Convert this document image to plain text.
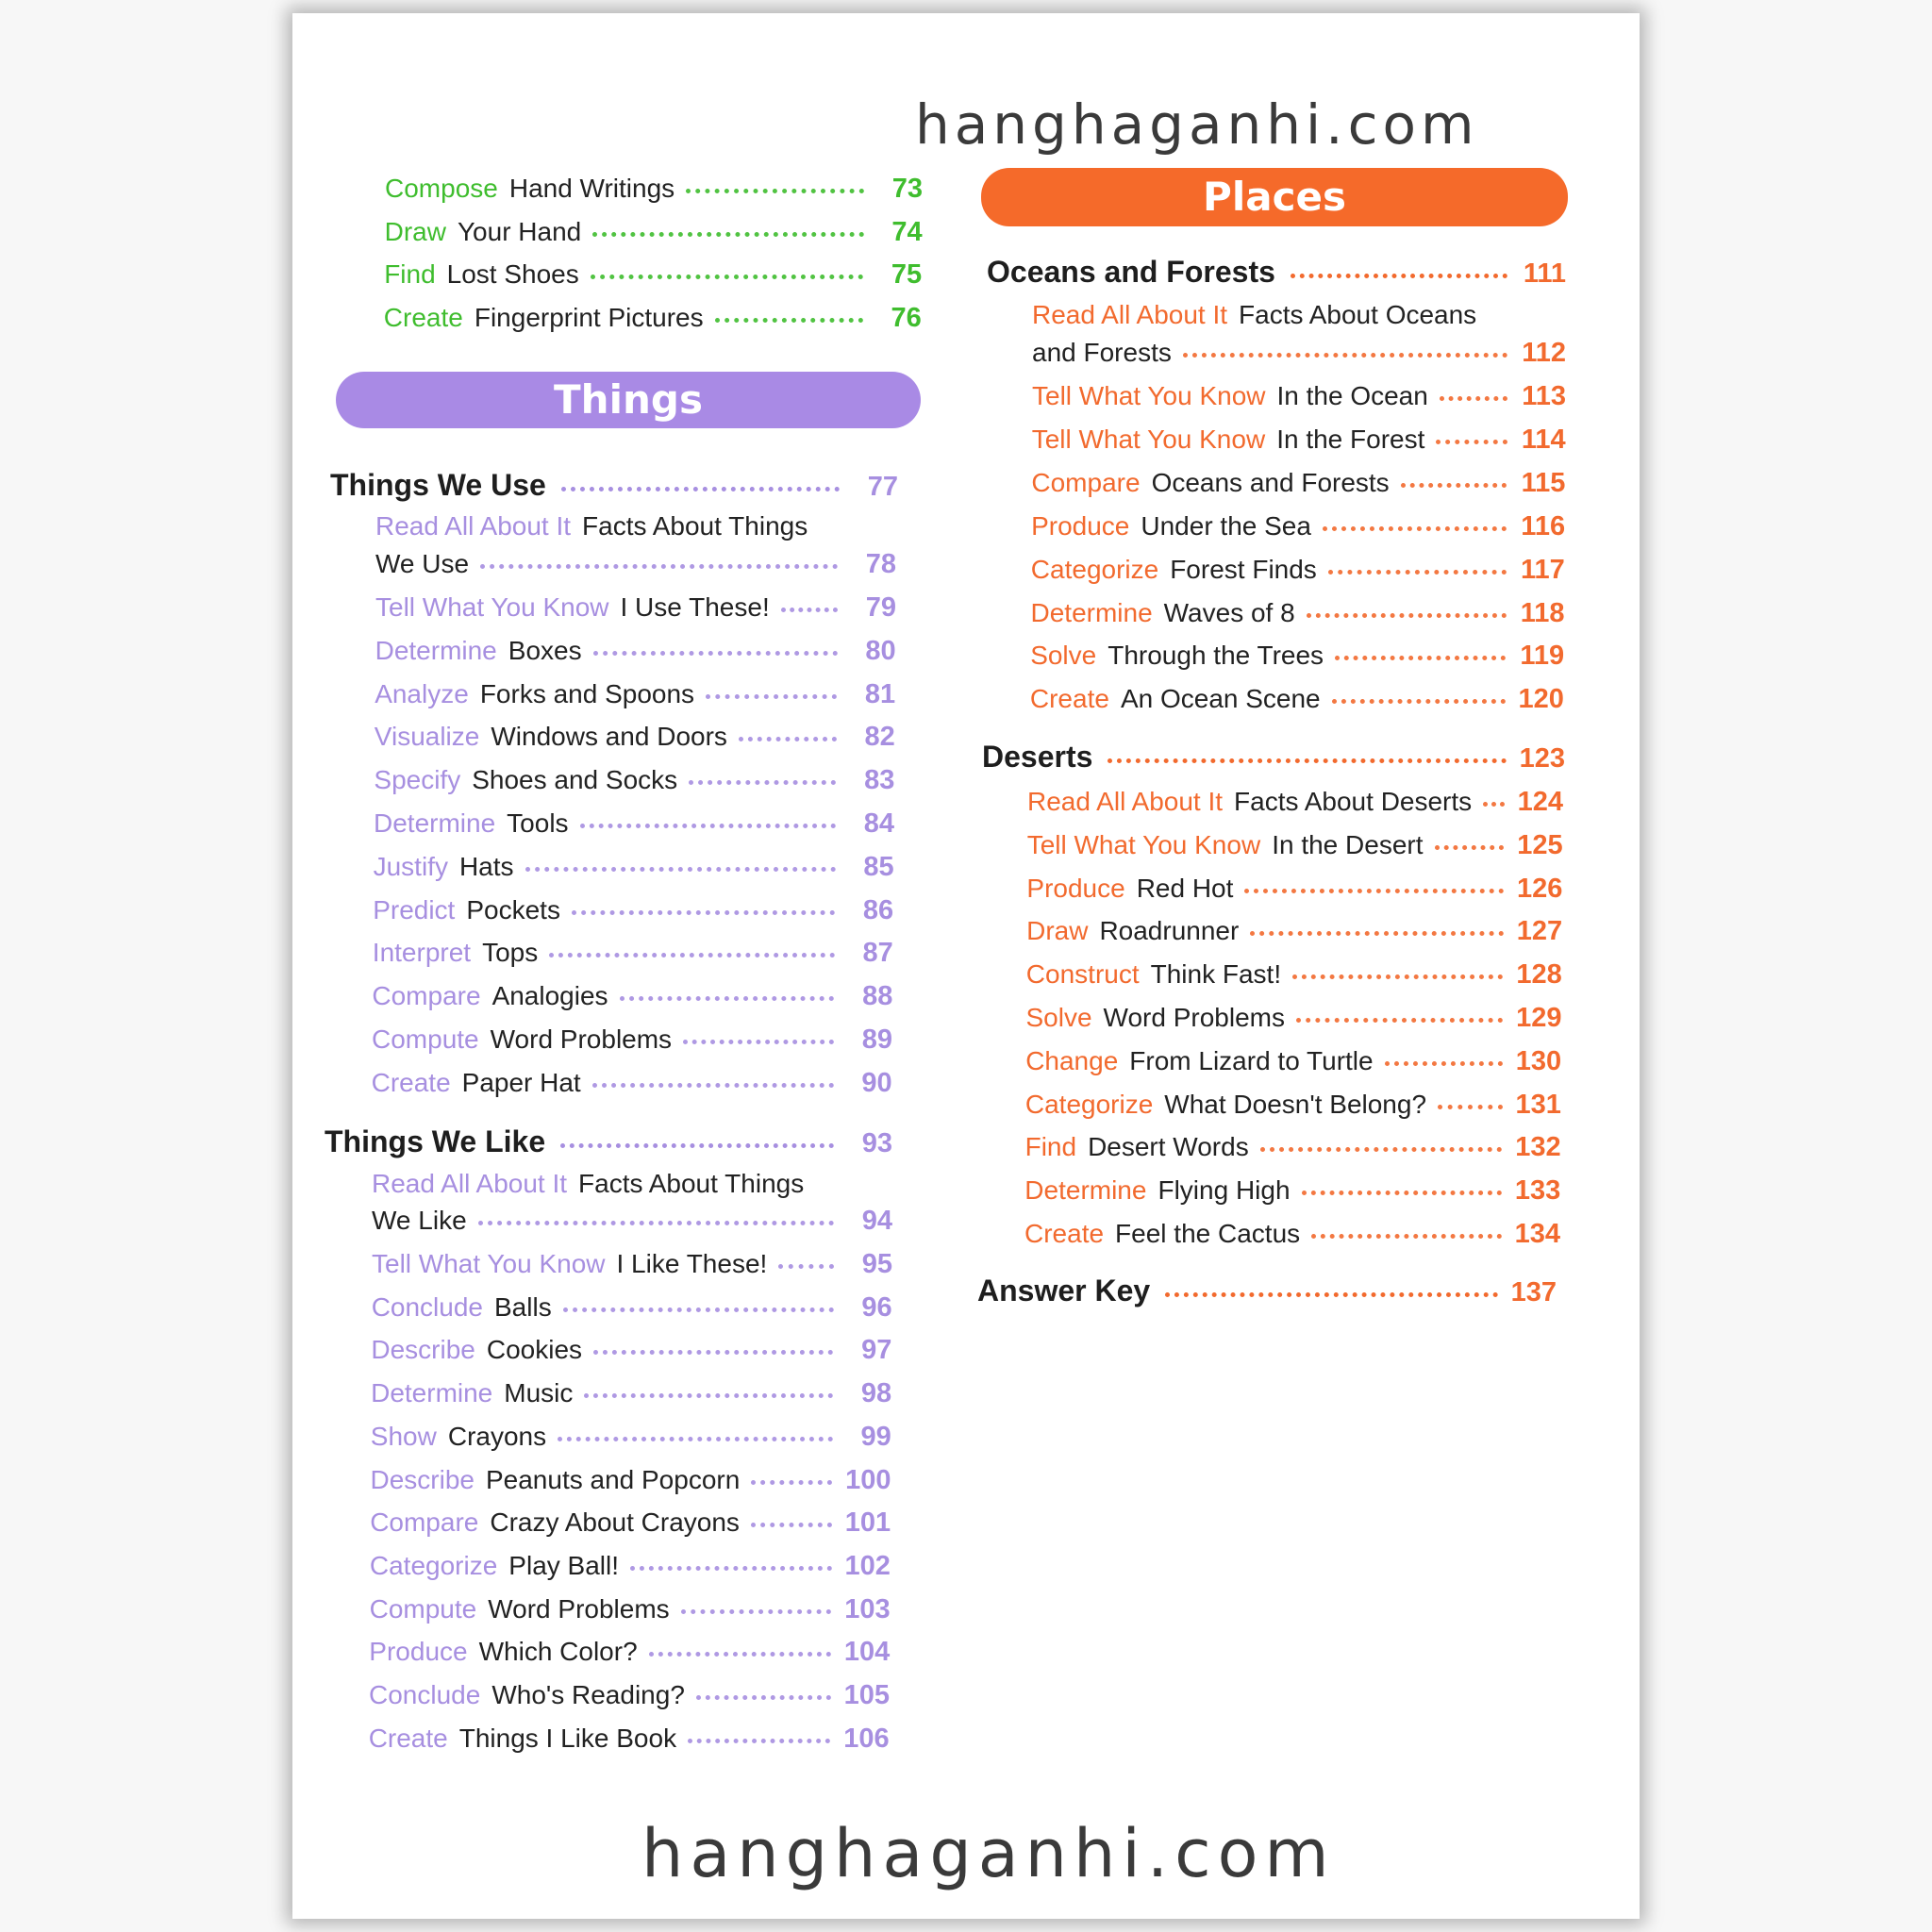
hanghaganhi.com
Compose Hand Writings	73
Draw Your Hand	74
Find Lost Shoes	75
Create Fingerprint Pictures	76
Things We Use	77
Read All About It Facts About Things
We Use	78
Tell What You Know I Use These!	79
Determine Boxes	80
Analyze Forks and Spoons	81
Visualize Windows and Doors	82
Specify Shoes and Socks	83
Determine Tools	84
Justify Hats	85
Predict Pockets	86
Interpret Tops	87
Compare Analogies	88
Compute Word Problems	89
Create Paper Hat	90
Things We Like	93
Read All About It Facts About Things
We Like	94
Tell What You Know I Like These!	95
Conclude Balls	96
Describe Cookies	97
Determine Music	98
Show Crayons	99
Describe Peanuts and Popcorn	100
Compare Crazy About Crayons	101
Categorize Play Ball!	102
Compute Word Problems	103
Produce Which Color?	104
Conclude Who's Reading?	105
Create Things I Like Book	106
Things
Places
Oceans and Forests	111
Read All About It Facts About Oceans
and Forests	112
Tell What You Know In the Ocean	113
Tell What You Know In the Forest	114
Compare Oceans and Forests	115
Produce Under the Sea	116
Categorize Forest Finds	117
Determine Waves of 8	118
Solve Through the Trees	119
Create An Ocean Scene	120
Deserts	123
Read All About It Facts About Deserts 124
Tell What You Know In the Desert	125
Produce Red Hot	126
Draw Roadrunner	127
Construct Think Fast!	128
Solve Word Problems	129
Change From Lizard to Turtle	130
Categorize What Doesn't Belong?	131
Find Desert Words	132
Determine Flying High	133
Create Feel the Cactus	134
Answer Key	137
hanghaganhi.com
